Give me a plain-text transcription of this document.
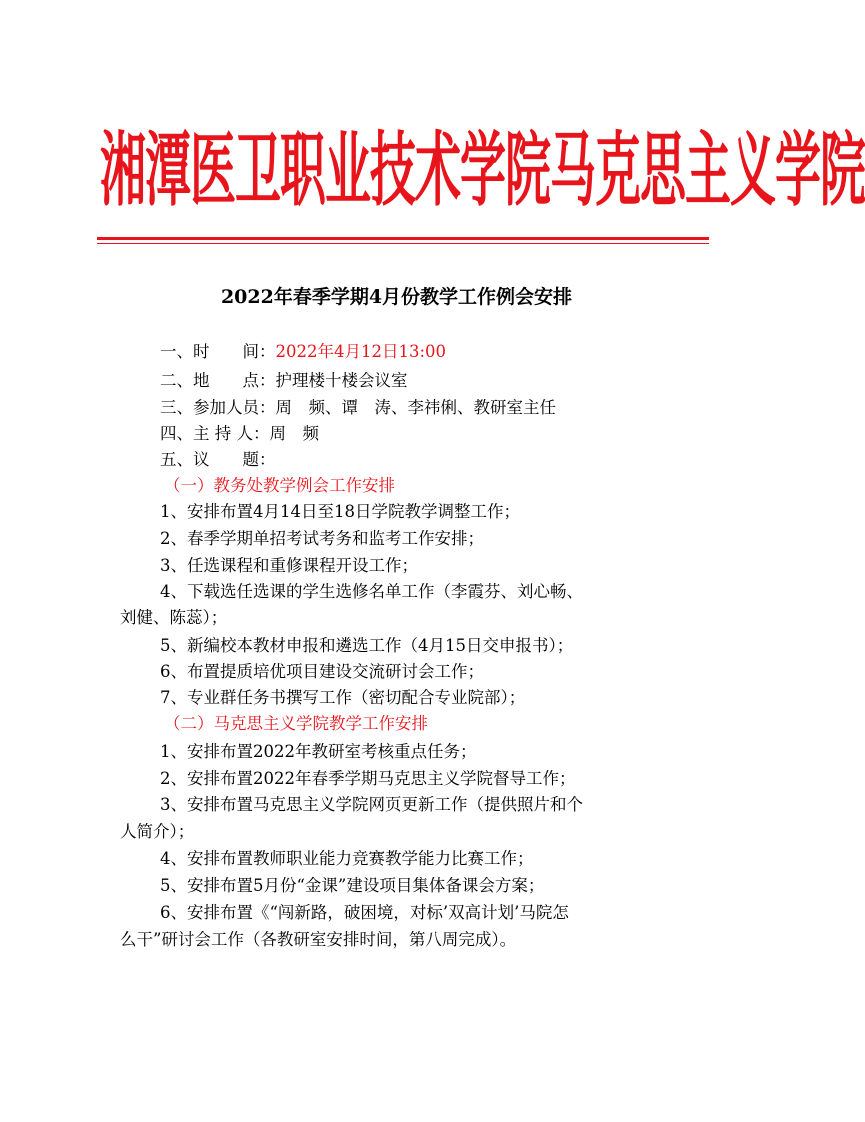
湘潭医卫职业技术学院马克思主义学院
2022年春季学期4月份教学工作例会安排
一、时　　间：2022年4月12日13:00
二、地　　点：护理楼十楼会议室
三、参加人员：周　频、谭　涛、李祎俐、教研室主任
四、主 持 人：周　频
五、议　　题：
（一）教务处教学例会工作安排
1、安排布置4月14日至18日学院教学调整工作；
2、春季学期单招考试考务和监考工作安排；
3、任选课程和重修课程开设工作；
4、下载选任选课的学生选修名单工作（李霞芬、刘心畅、
刘健、陈蕊）；
5、新编校本教材申报和遴选工作（4月15日交申报书）；
6、布置提质培优项目建设交流研讨会工作；
7、专业群任务书撰写工作（密切配合专业院部）；
（二）马克思主义学院教学工作安排
1、安排布置2022年教研室考核重点任务；
2、安排布置2022年春季学期马克思主义学院督导工作；
3、安排布置马克思主义学院网页更新工作（提供照片和个
人简介）；
4、安排布置教师职业能力竞赛教学能力比赛工作；
5、安排布置5月份“金课”建设项目集体备课会方案；
6、安排布置《“闯新路，破困境，对标’双高计划’马院怎
么干”研讨会工作（各教研室安排时间，第八周完成）。
